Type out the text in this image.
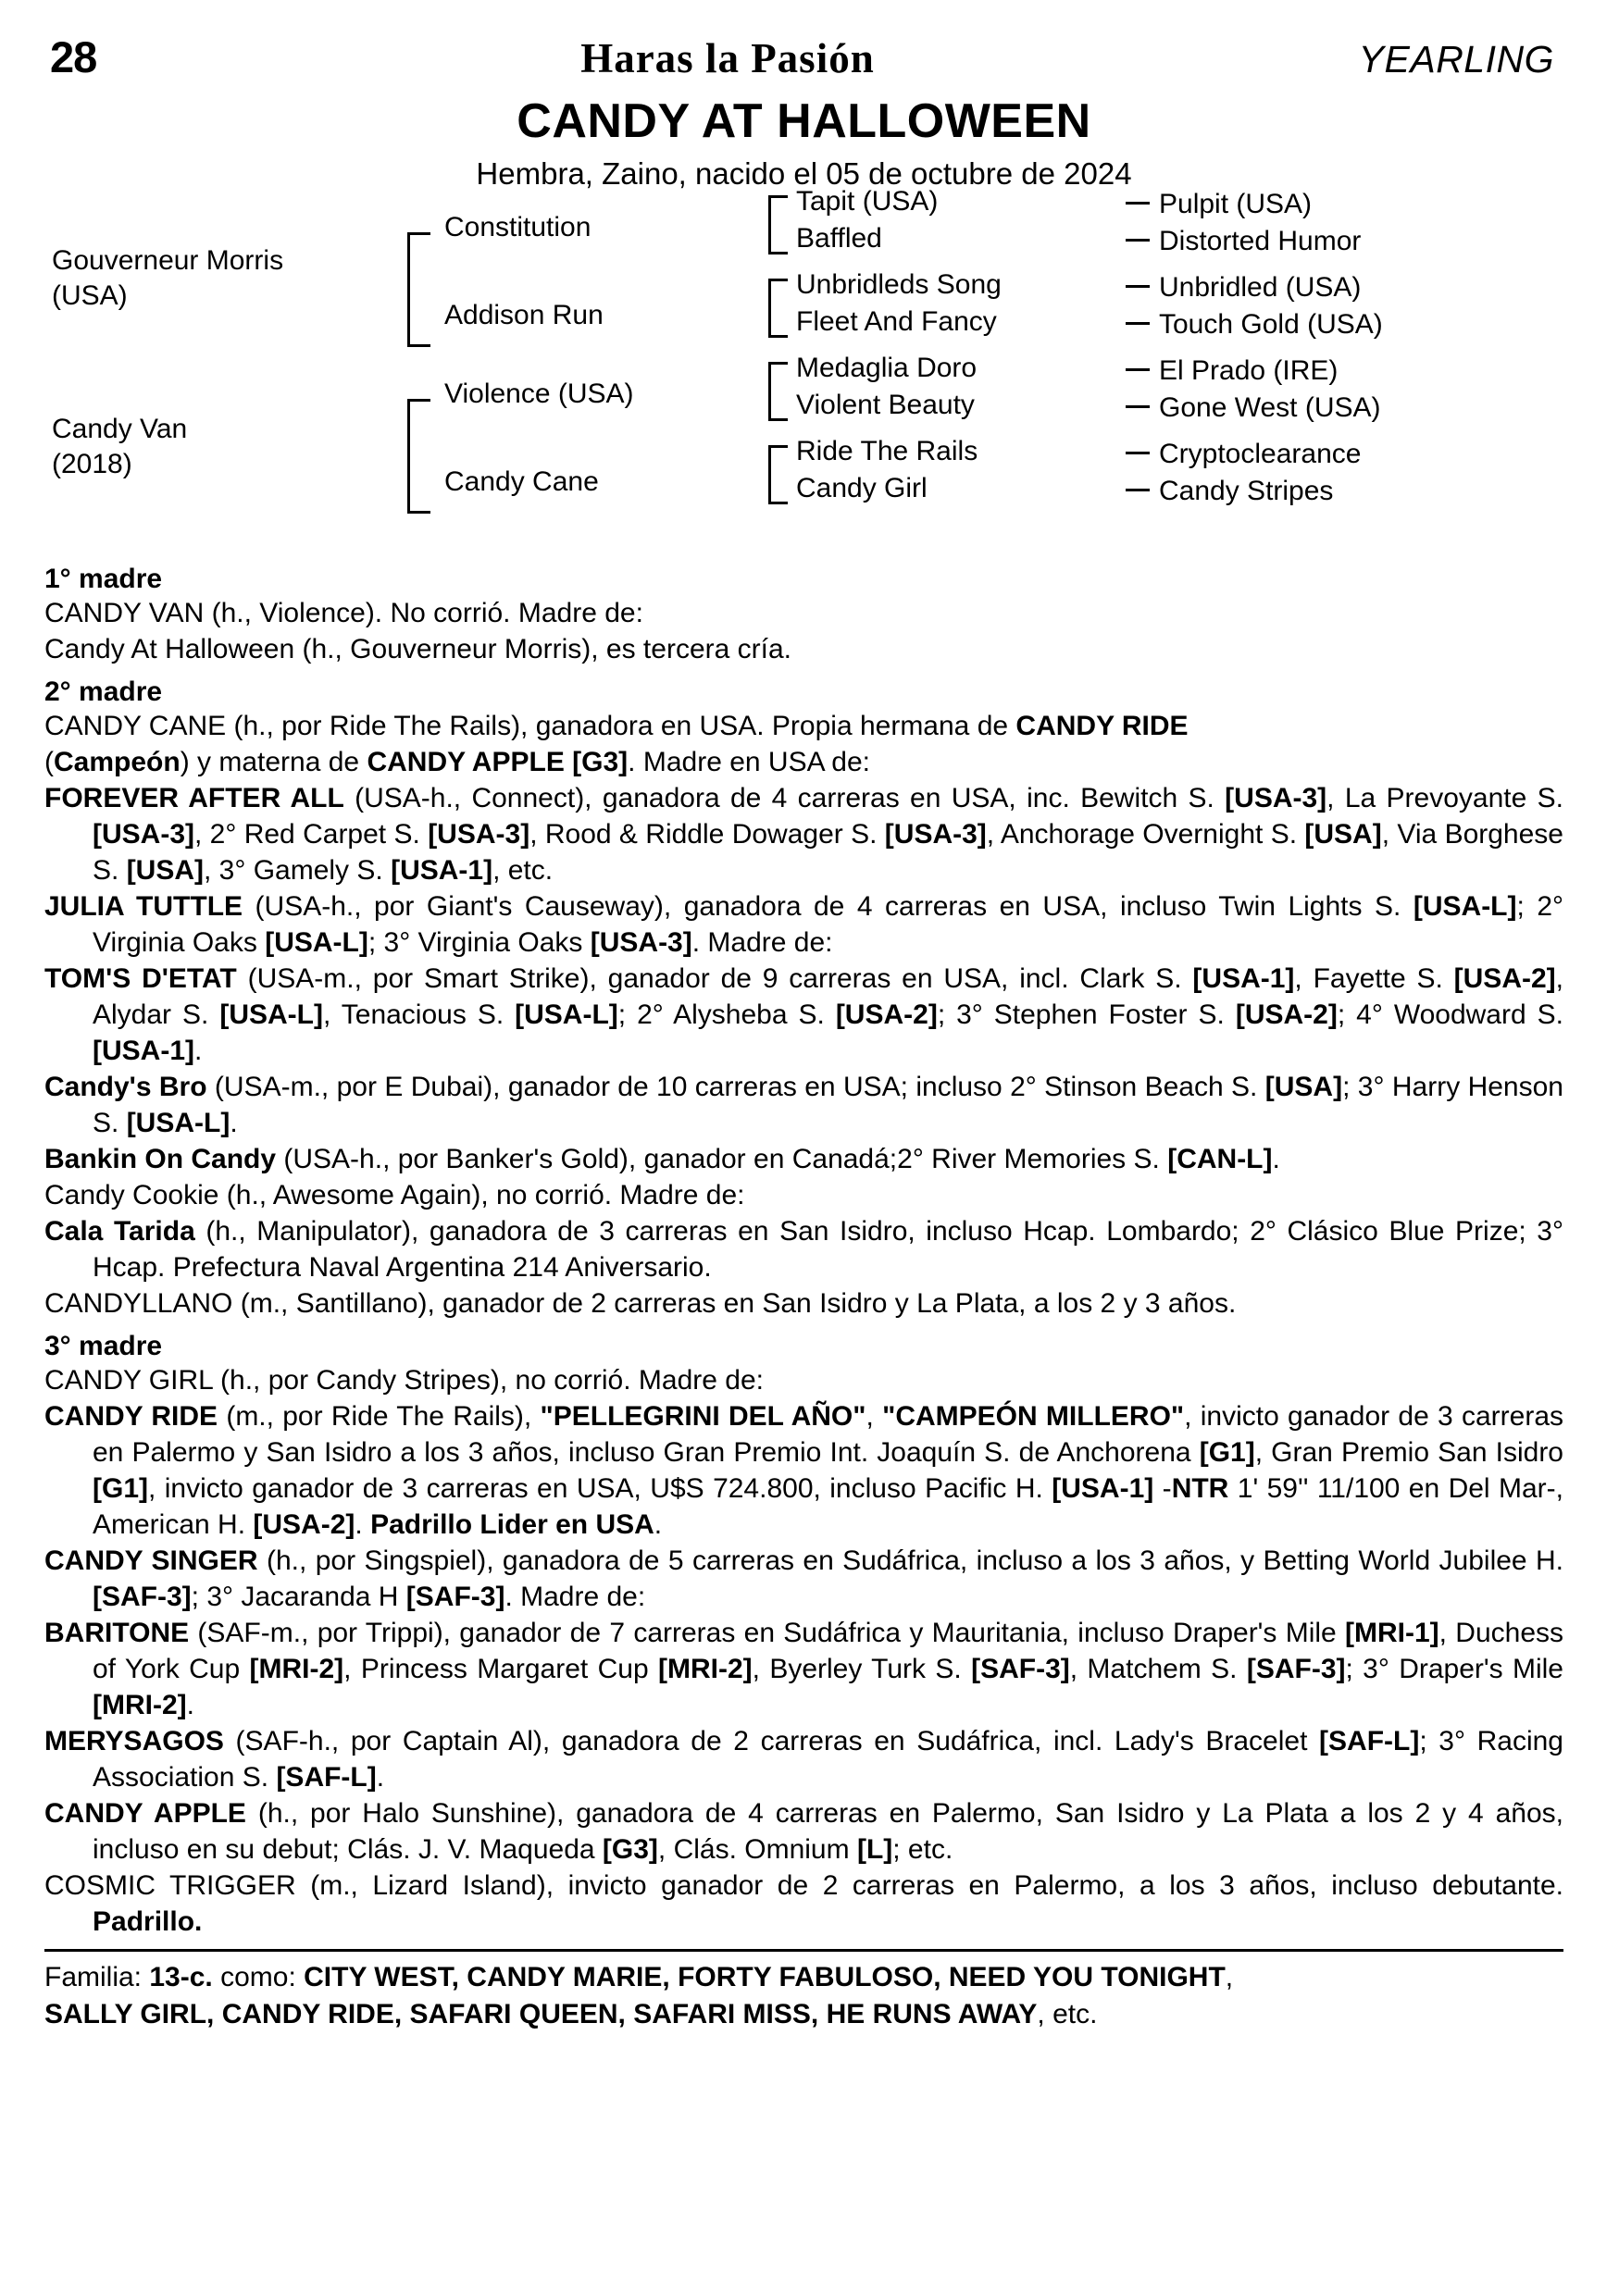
28	Haras la Pasión	YEARLING
CANDY AT HALLOWEEN
Hembra, Zaino, nacido el 05 de octubre de 2024
Gouverneur Morris
(USA)
Constitution
Addison Run
Candy Van
(2018)
Violence (USA)
Candy Cane
Tapit (USA)
Baffled
Unbridleds Song
Fleet And Fancy
Medaglia Doro
Violent Beauty
Ride The Rails
Candy Girl
Pulpit (USA)
Distorted Humor
Unbridled (USA)
Touch Gold (USA)
El Prado (IRE)
Gone West (USA)
Cryptoclearance
Candy Stripes
1° madre

CANDY VAN (h., Violence). No corrió. Madre de:

Candy At Halloween (h., Gouverneur Morris), es tercera cría.

2° madre

CANDY CANE (h., por Ride The Rails), ganadora en USA. Propia hermana de CANDY RIDE

(Campeón) y materna de CANDY APPLE [G3]. Madre en USA de:

FOREVER AFTER ALL (USA-h., Connect), ganadora de 4 carreras en USA, inc. Bewitch S. [USA-3], La Prevoyante S. [USA-3], 2° Red Carpet S. [USA-3], Rood & Riddle Dowager S. [USA-3], Anchorage Overnight S. [USA], Via Borghese S. [USA], 3° Gamely S. [USA-1], etc.

JULIA TUTTLE (USA-h., por Giant's Causeway), ganadora de 4 carreras en USA, incluso Twin Lights S. [USA-L]; 2° Virginia Oaks [USA-L]; 3° Virginia Oaks [USA-3]. Madre de:

TOM'S D'ETAT (USA-m., por Smart Strike), ganador de 9 carreras en USA, incl. Clark S. [USA-1], Fayette S. [USA-2], Alydar S. [USA-L], Tenacious S. [USA-L]; 2° Alysheba S. [USA-2]; 3° Stephen Foster S. [USA-2]; 4° Woodward S. [USA-1].

Candy's Bro (USA-m., por E Dubai), ganador de 10 carreras en USA; incluso 2° Stinson Beach S. [USA]; 3° Harry Henson S. [USA-L].

Bankin On Candy (USA-h., por Banker's Gold), ganador en Canadá;2° River Memories S. [CAN-L].

Candy Cookie (h., Awesome Again), no corrió. Madre de:

Cala Tarida (h., Manipulator), ganadora de 3 carreras en San Isidro, incluso Hcap. Lombardo; 2° Clásico Blue Prize; 3° Hcap. Prefectura Naval Argentina 214 Aniversario.

CANDYLLANO (m., Santillano), ganador de 2 carreras en San Isidro y La Plata, a los 2 y 3 años.

3° madre

CANDY GIRL (h., por Candy Stripes), no corrió. Madre de:

CANDY RIDE (m., por Ride The Rails), "PELLEGRINI DEL AÑO", "CAMPEÓN MILLERO", invicto ganador de 3 carreras en Palermo y San Isidro a los 3 años, incluso Gran Premio Int. Joaquín S. de Anchorena [G1], Gran Premio San Isidro [G1], invicto ganador de 3 carreras en USA, U$S 724.800, incluso Pacific H. [USA-1] -NTR 1' 59'' 11/100 en Del Mar-, American H. [USA-2]. Padrillo Lider en USA.

CANDY SINGER (h., por Singspiel), ganadora de 5 carreras en Sudáfrica, incluso a los 3 años, y Betting World Jubilee H. [SAF-3]; 3° Jacaranda H [SAF-3]. Madre de:

BARITONE (SAF-m., por Trippi), ganador de 7 carreras en Sudáfrica y Mauritania, incluso Draper's Mile [MRI-1], Duchess of York Cup [MRI-2], Princess Margaret Cup [MRI-2], Byerley Turk S. [SAF-3], Matchem S. [SAF-3]; 3° Draper's Mile [MRI-2].

MERYSAGOS (SAF-h., por Captain Al), ganadora de 2 carreras en Sudáfrica, incl. Lady's Bracelet [SAF-L]; 3° Racing Association S. [SAF-L].

CANDY APPLE (h., por Halo Sunshine), ganadora de 4 carreras en Palermo, San Isidro y La Plata a los 2 y 4 años, incluso en su debut; Clás. J. V. Maqueda [G3], Clás. Omnium [L]; etc.

COSMIC TRIGGER (m., Lizard Island), invicto ganador de 2 carreras en Palermo, a los 3 años, incluso debutante. Padrillo.

Familia: 13-c. como: CITY WEST, CANDY MARIE, FORTY FABULOSO, NEED YOU TONIGHT,
SALLY GIRL, CANDY RIDE, SAFARI QUEEN, SAFARI MISS, HE RUNS AWAY, etc.
